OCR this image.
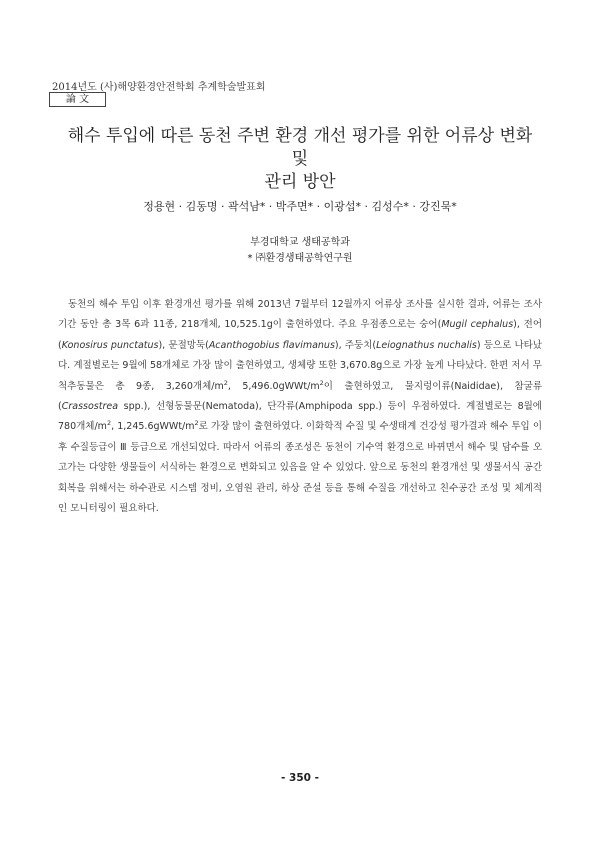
2014년도 (사)해양환경안전학회 추계학술발표회
論 文
해수 투입에 따른 동천 주변 환경 개선 평가를 위한 어류상 변화 및
관리 방안
정용현 · 김동명 · 곽석남* · 박주면* · 이광섭* · 김성수* · 강진묵*
부경대학교 생태공학과
* ㈜환경생태공학연구원

동천의 해수 투입 이후 환경개선 평가를 위해 2013년 7월부터 12월까지 어류상 조사를 실시한 결과, 어류는 조사기간 동안 총 3목 6과 11종, 218개체, 10,525.1g이 출현하였다. 주요 우점종으로는 숭어(Mugil cephalus), 전어(Konosirus punctatus), 문절망둑(Acanthogobius flavimanus), 주둥치(Leiognathus nuchalis) 등으로 나타났다. 계절별로는 9월에 58개체로 가장 많이 출현하였고, 생체량 또한 3,670.8g으로 가장 높게 나타났다. 한편 저서 무척추동물은 총 9종, 3,260개체$/m^2$, $5,496.0gWWt/m^2$이 출현하였고, 물지렁이류(Naididae), 참굴류(Crassostrea spp.), 선형동물문(Nematoda), 단각류(Amphipoda spp.) 등이 우점하였다. 계절별로는 8월에 780개체$/m^2$, $1,245.6gWWt/m^2$로 가장 많이 출현하였다. 이화학적 수질 및 수생태계 건강성 평가결과 해수 투입 이후 수질등급이 Ⅲ 등급으로 개선되었다. 따라서 어류의 종조성은 동천이 기수역 환경으로 바뀌면서 해수 및 담수를 오고가는 다양한 생물들이 서식하는 환경으로 변화되고 있음을 알 수 있었다. 앞으로 동천의 환경개선 및 생물서식 공간 회복을 위해서는 하수관로 시스템 정비, 오염원 관리, 하상 준설 등을 통해 수질을 개선하고 친수공간 조성 및 체계적인 모니터링이 필요하다.

- 350 -
